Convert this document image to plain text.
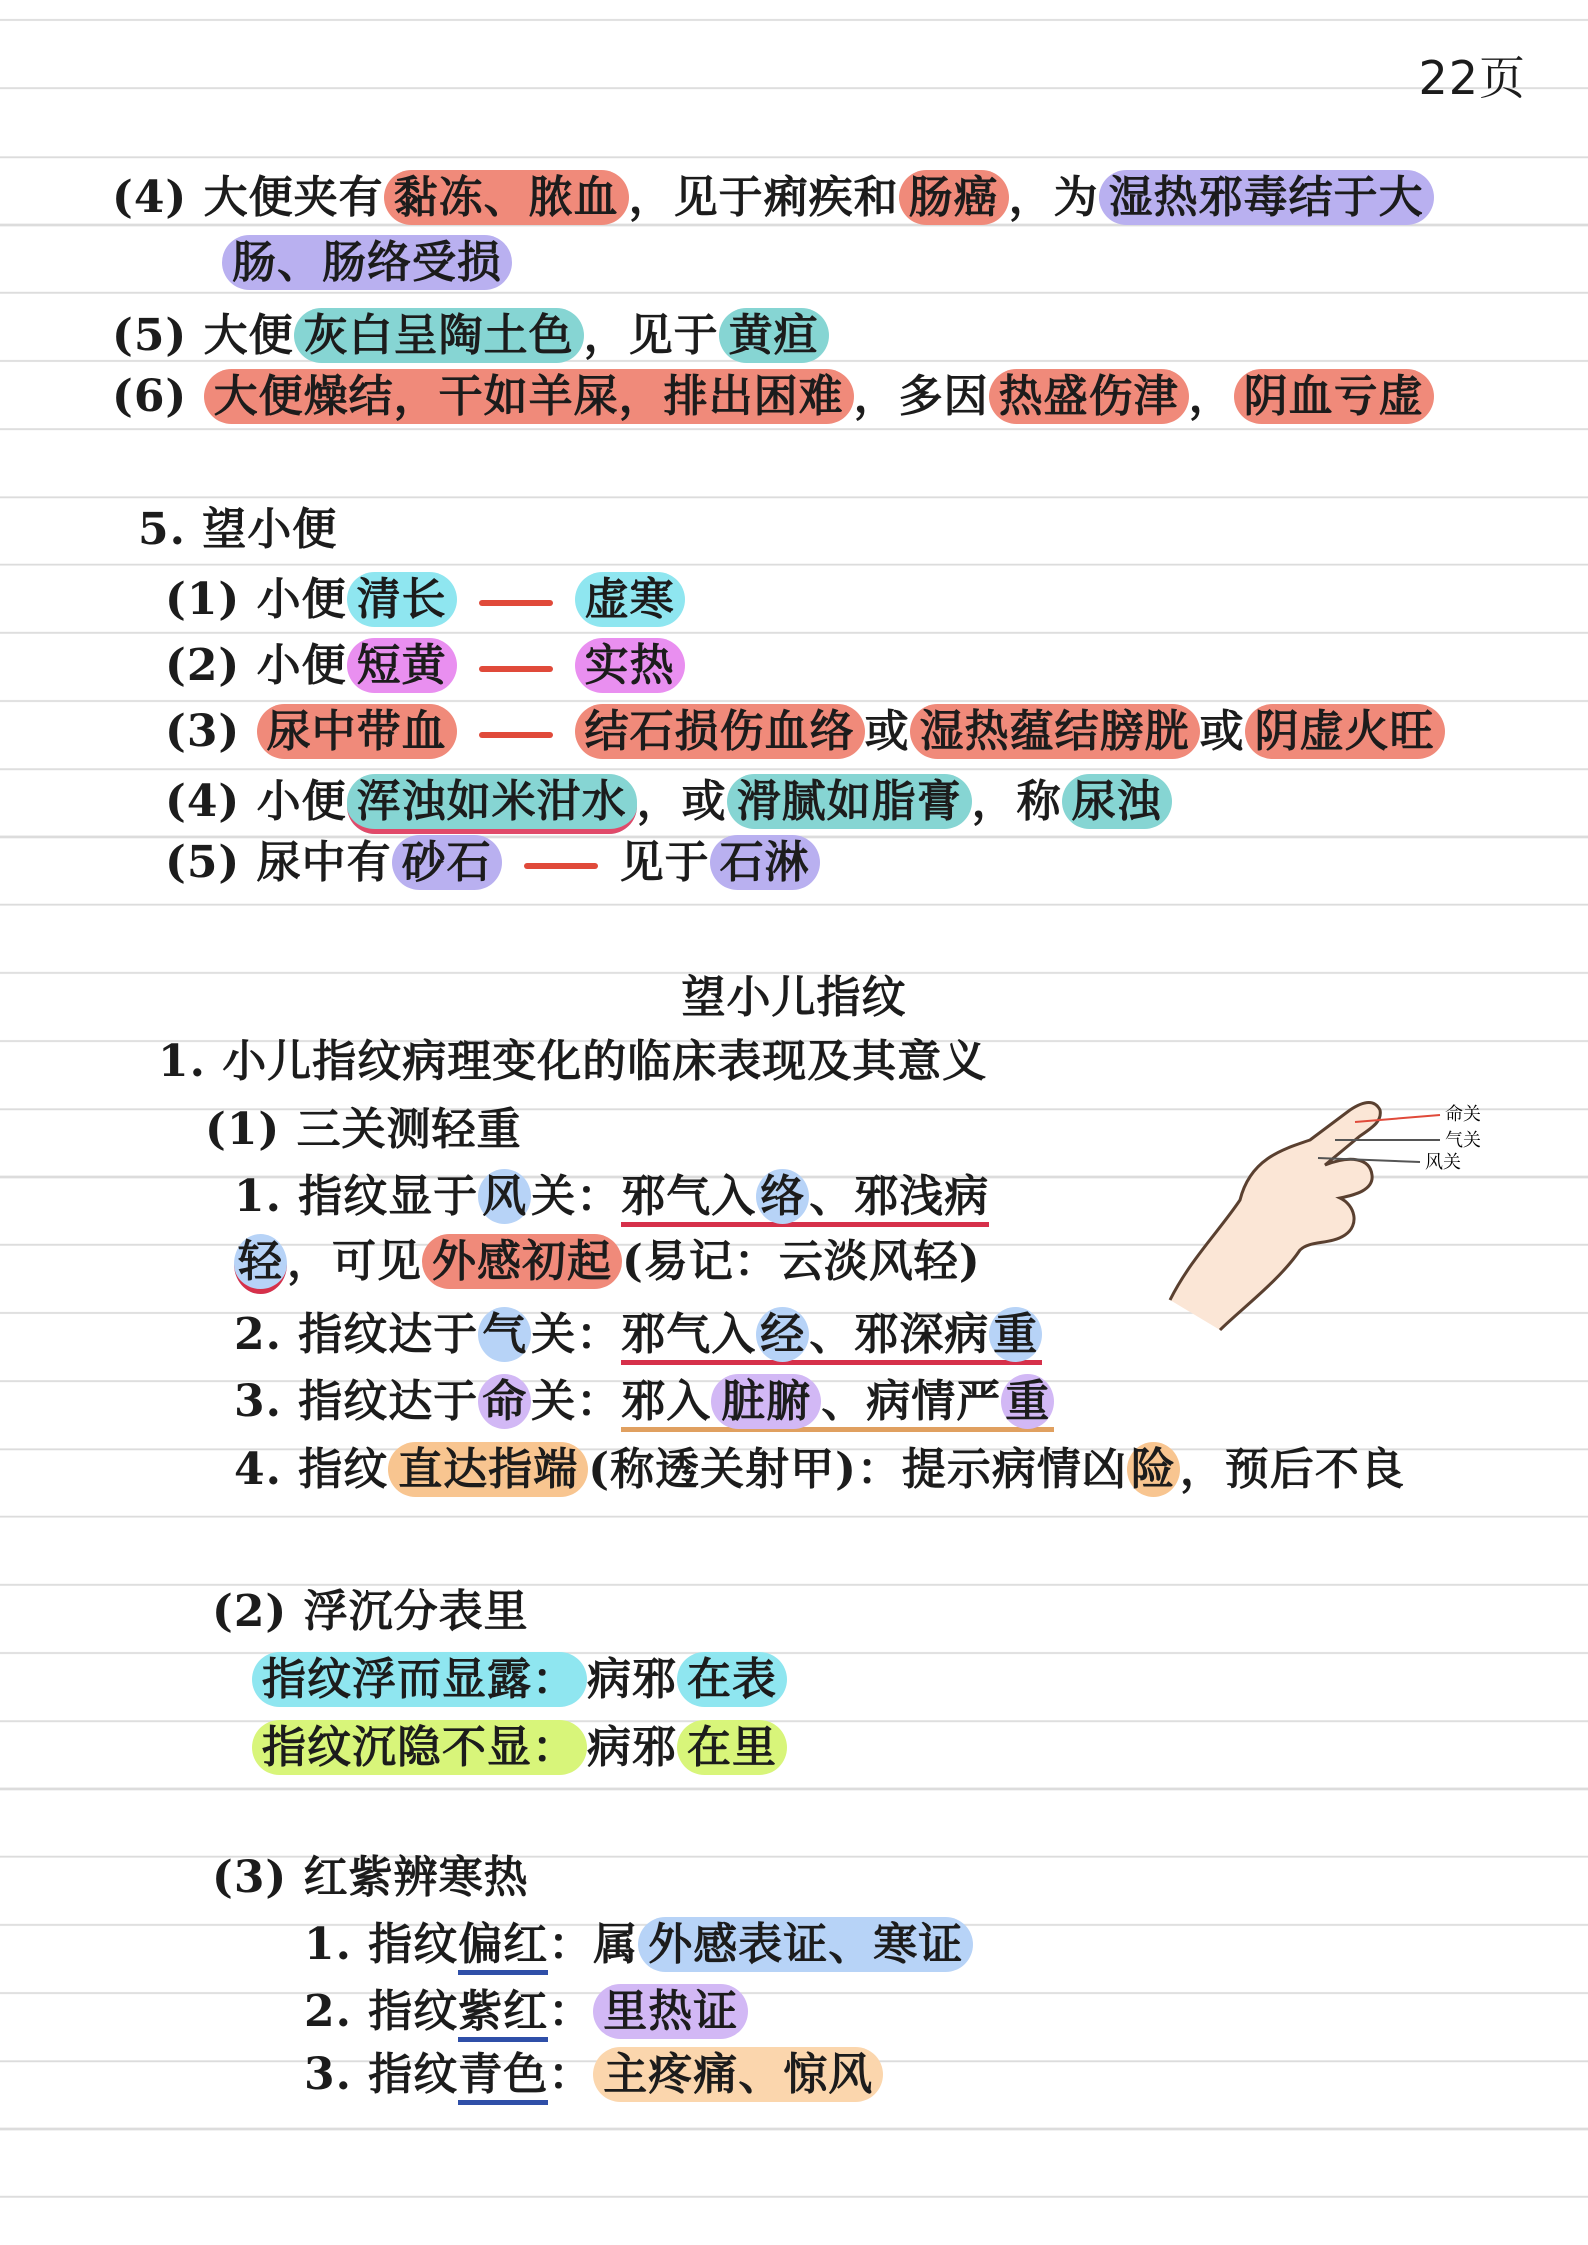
22页
(4) 大便夹有 黏冻、脓血 ，见于痢疾和 肠癌 ，为 湿热邪毒结于大
肠、肠络受损
(5) 大便 灰白呈陶土色 ，见于 黄疸
(6) 大便燥结，干如羊屎，排出困难 ，多因 热盛伤津 ， 阴血亏虚
5. 望小便
(1) 小便 清长	虚寒
(2) 小便 短黄	实热
(3) 尿中带血	结石损伤血络 或 湿热蕴结膀胱 或 阴虚火旺
(4) 小便 浑浊如米泔水 ，或 滑腻如脂膏 ，称 尿浊
(5) 尿中有 砂石	见于 石淋
望小儿指纹
1. 小儿指纹病理变化的临床表现及其意义
(1) 三关测轻重
1. 指纹显于风关：邪气入络、邪浅病
轻，可见 外感初起 (易记：云淡风轻)
2. 指纹达于气关：邪气入经、邪深病重
3. 指纹达于命关：邪入 脏腑 、病情严重
4. 指纹 直达指端 (称透关射甲)：提示病情凶险，预后不良
命关
气关
风关
(2) 浮沉分表里
指纹浮而显露： 病邪 在表
指纹沉隐不显： 病邪 在里
(3) 红紫辨寒热
1. 指纹偏红：属 外感表证、寒证
2. 指纹紫红： 里热证
3. 指纹青色： 主疼痛、惊风
